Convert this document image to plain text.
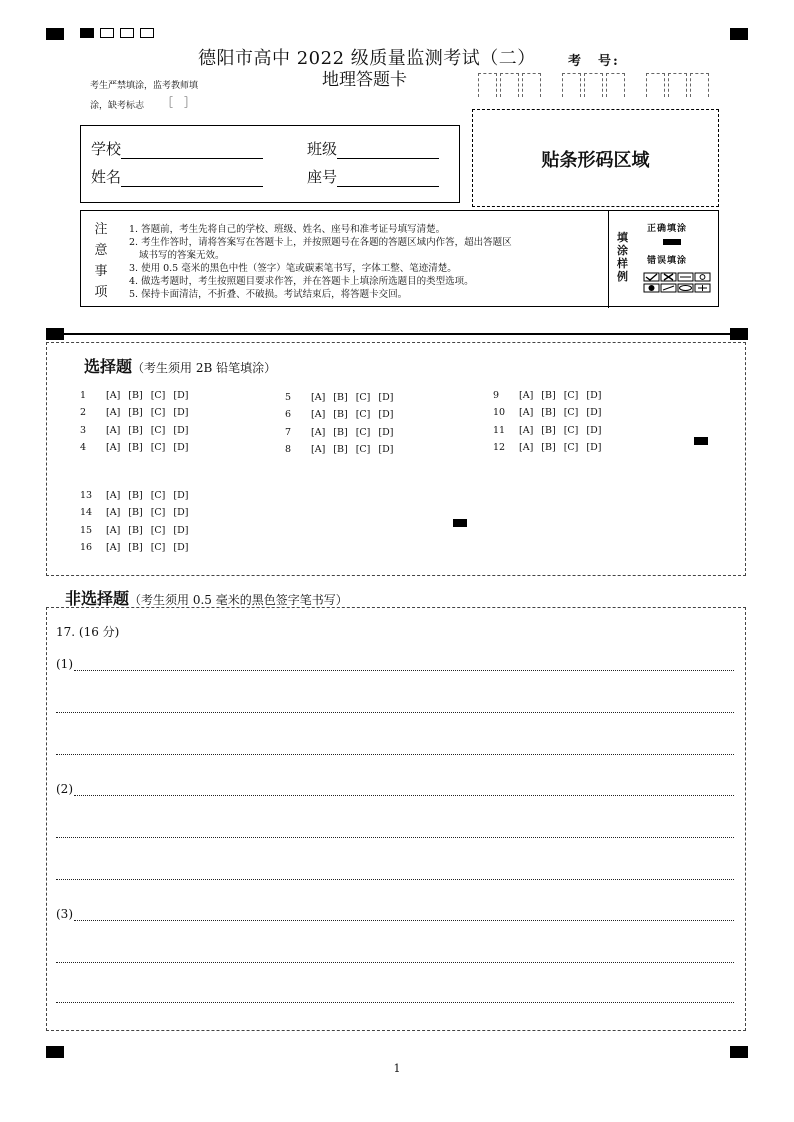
德阳市高中 2022 级质量监测考试（二）
地理答题卡
考　号:
考生严禁填涂，监考教师填
涂，缺考标志 ［　］
学校	班级
姓名	座号
贴条形码区域
注
意
事
项
1. 答题前，考生先将自己的学校、班级、姓名、座号和准考证号填写清楚。
2. 考生作答时，请将答案写在答题卡上，并按照题号在各题的答题区域内作答，超出答题区
域书写的答案无效。
3. 使用 0.5 毫米的黑色中性（签字）笔或碳素笔书写，字体工整、笔迹清楚。
4. 做选考题时，考生按照题目要求作答，并在答题卡上填涂所选题目的类型选项。
5. 保持卡面清洁，不折叠、不破损。考试结束后，将答题卡交回。
填
涂
样
例
正确填涂
错误填涂
选择题（考生须用 2B 铅笔填涂）
1 [A] [B] [C] [D]
2 [A] [B] [C] [D]
3 [A] [B] [C] [D]
4 [A] [B] [C] [D]
5 [A] [B] [C] [D]
6 [A] [B] [C] [D]
7 [A] [B] [C] [D]
8 [A] [B] [C] [D]
9 [A] [B] [C] [D]
10 [A] [B] [C] [D]
11 [A] [B] [C] [D]
12 [A] [B] [C] [D]
13 [A] [B] [C] [D]
14 [A] [B] [C] [D]
15 [A] [B] [C] [D]
16 [A] [B] [C] [D]
非选择题（考生须用 0.5 毫米的黑色签字笔书写）
17. (16 分)
(1)
(2)
(3)
1
